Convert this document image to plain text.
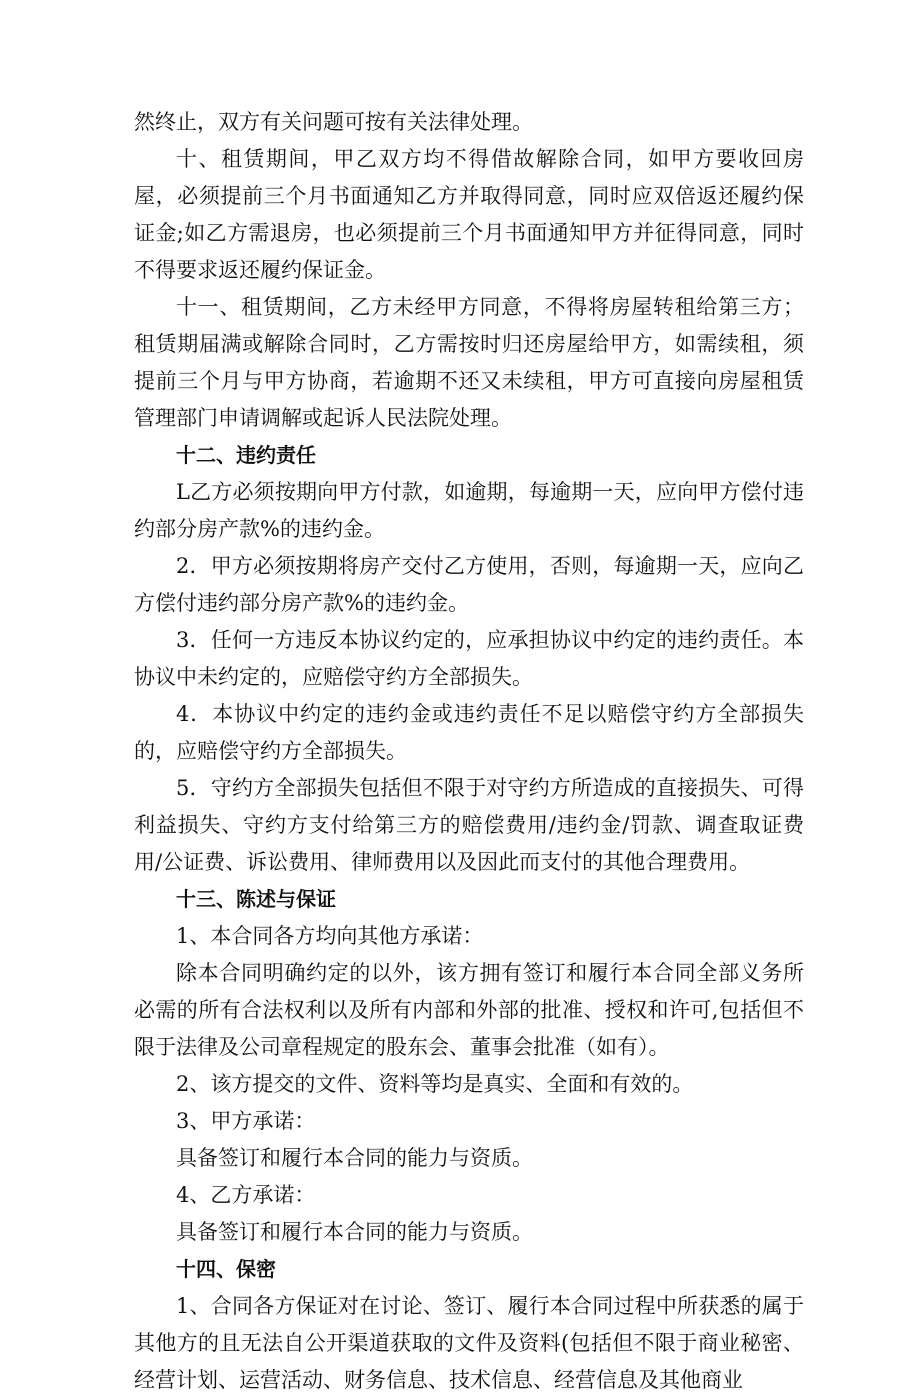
然终止，双方有关问题可按有关法律处理。

十、租赁期间，甲乙双方均不得借故解除合同，如甲方要收回房屋，必须提前三个月书面通知乙方并取得同意，同时应双倍返还履约保证金;如乙方需退房，也必须提前三个月书面通知甲方并征得同意，同时不得要求返还履约保证金。

十一、租赁期间，乙方未经甲方同意，不得将房屋转租给第三方；租赁期届满或解除合同时，乙方需按时归还房屋给甲方，如需续租，须提前三个月与甲方协商，若逾期不还又未续租，甲方可直接向房屋租赁管理部门申请调解或起诉人民法院处理。

十二、违约责任

L乙方必须按期向甲方付款，如逾期，每逾期一天，应向甲方偿付违约部分房产款%的违约金。

2．甲方必须按期将房产交付乙方使用，否则，每逾期一天，应向乙方偿付违约部分房产款%的违约金。

3．任何一方违反本协议约定的，应承担协议中约定的违约责任。本协议中未约定的，应赔偿守约方全部损失。

4．本协议中约定的违约金或违约责任不足以赔偿守约方全部损失的，应赔偿守约方全部损失。

5．守约方全部损失包括但不限于对守约方所造成的直接损失、可得利益损失、守约方支付给第三方的赔偿费用/违约金/罚款、调查取证费用/公证费、诉讼费用、律师费用以及因此而支付的其他合理费用。

十三、陈述与保证

1、本合同各方均向其他方承诺：

除本合同明确约定的以外，该方拥有签订和履行本合同全部义务所必需的所有合法权利以及所有内部和外部的批准、授权和许可,包括但不限于法律及公司章程规定的股东会、董事会批准（如有）。

2、该方提交的文件、资料等均是真实、全面和有效的。

3、甲方承诺：

具备签订和履行本合同的能力与资质。

4、乙方承诺：

具备签订和履行本合同的能力与资质。

十四、保密

1、合同各方保证对在讨论、签订、履行本合同过程中所获悉的属于其他方的且无法自公开渠道获取的文件及资料(包括但不限于商业秘密、经营计划、运营活动、财务信息、技术信息、经营信息及其他商业
